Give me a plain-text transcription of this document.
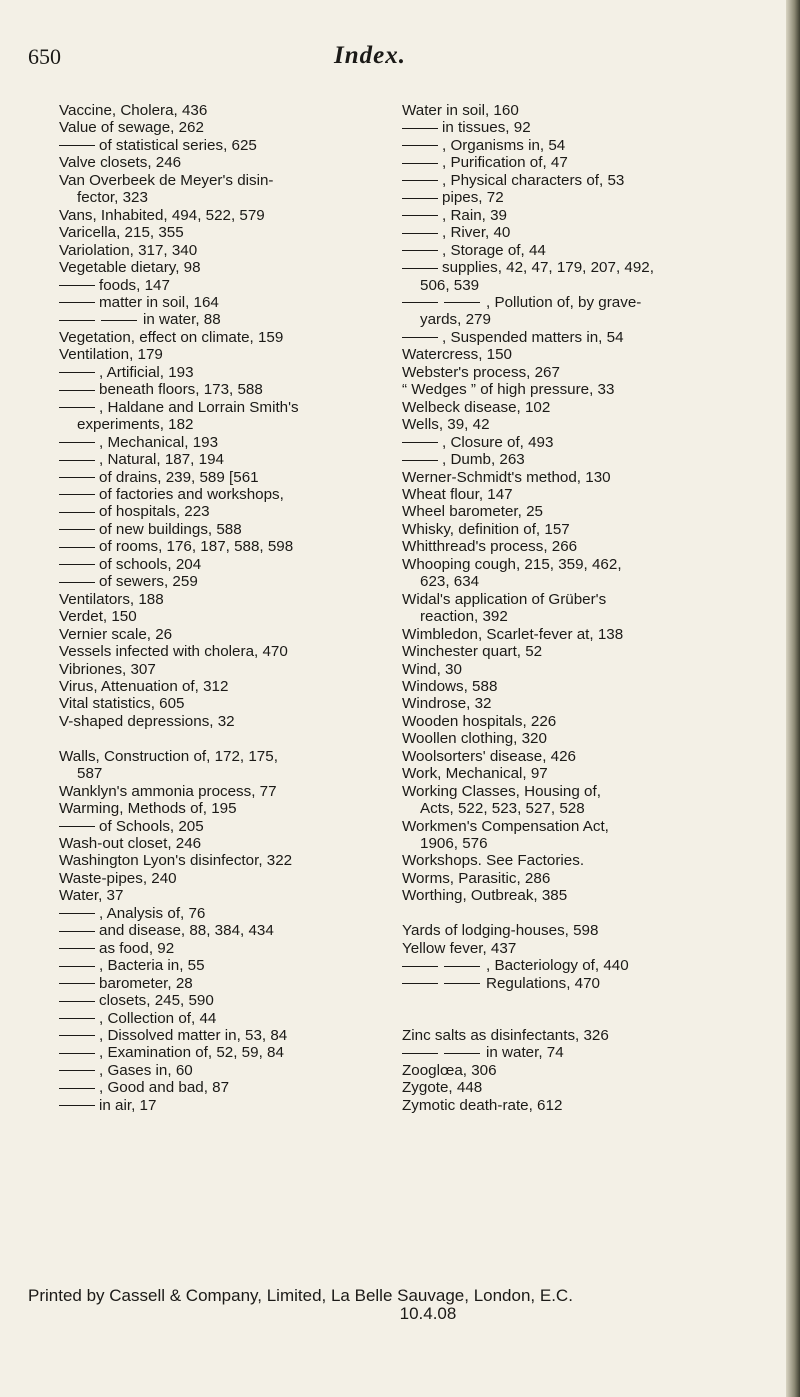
650	Index.
Vaccine, Cholera, 436
Value of sewage, 262
of statistical series, 625
Valve closets, 246
Van Overbeek de Meyer's disin-
fector, 323
Vans, Inhabited, 494, 522, 579
Varicella, 215, 355
Variolation, 317, 340
Vegetable dietary, 98
foods, 147
matter in soil, 164
in water, 88
Vegetation, effect on climate, 159
Ventilation, 179
, Artificial, 193
beneath floors, 173, 588
, Haldane and Lorrain Smith's
experiments, 182
, Mechanical, 193
, Natural, 187, 194
of drains, 239, 589 [561
of factories and workshops,
of hospitals, 223
of new buildings, 588
of rooms, 176, 187, 588, 598
of schools, 204
of sewers, 259
Ventilators, 188
Verdet, 150
Vernier scale, 26
Vessels infected with cholera, 470
Vibriones, 307
Virus, Attenuation of, 312
Vital statistics, 605
V-shaped depressions, 32
Walls, Construction of, 172, 175,
587
Wanklyn's ammonia process, 77
Warming, Methods of, 195
of Schools, 205
Wash-out closet, 246
Washington Lyon's disinfector, 322
Waste-pipes, 240
Water, 37
, Analysis of, 76
and disease, 88, 384, 434
as food, 92
, Bacteria in, 55
barometer, 28
closets, 245, 590
, Collection of, 44
, Dissolved matter in, 53, 84
, Examination of, 52, 59, 84
, Gases in, 60
, Good and bad, 87
in air, 17
Water in soil, 160
in tissues, 92
, Organisms in, 54
, Purification of, 47
, Physical characters of, 53
pipes, 72
, Rain, 39
, River, 40
, Storage of, 44
supplies, 42, 47, 179, 207, 492,
506, 539
, Pollution of, by grave-
yards, 279
, Suspended matters in, 54
Watercress, 150
Webster's process, 267
“ Wedges ” of high pressure, 33
Welbeck disease, 102
Wells, 39, 42
, Closure of, 493
, Dumb, 263
Werner-Schmidt's method, 130
Wheat flour, 147
Wheel barometer, 25
Whisky, definition of, 157
Whitthread's process, 266
Whooping cough, 215, 359, 462,
623, 634
Widal's application of Grüber's
reaction, 392
Wimbledon, Scarlet-fever at, 138
Winchester quart, 52
Wind, 30
Windows, 588
Windrose, 32
Wooden hospitals, 226
Woollen clothing, 320
Woolsorters' disease, 426
Work, Mechanical, 97
Working Classes, Housing of,
Acts, 522, 523, 527, 528
Workmen's Compensation Act,
1906, 576
Workshops. See Factories.
Worms, Parasitic, 286
Worthing, Outbreak, 385
Yards of lodging-houses, 598
Yellow fever, 437
, Bacteriology of, 440
Regulations, 470
Zinc salts as disinfectants, 326
in water, 74
Zooglœa, 306
Zygote, 448
Zymotic death-rate, 612
Printed by Cassell & Company, Limited, La Belle Sauvage, London, E.C.
10.4.08
